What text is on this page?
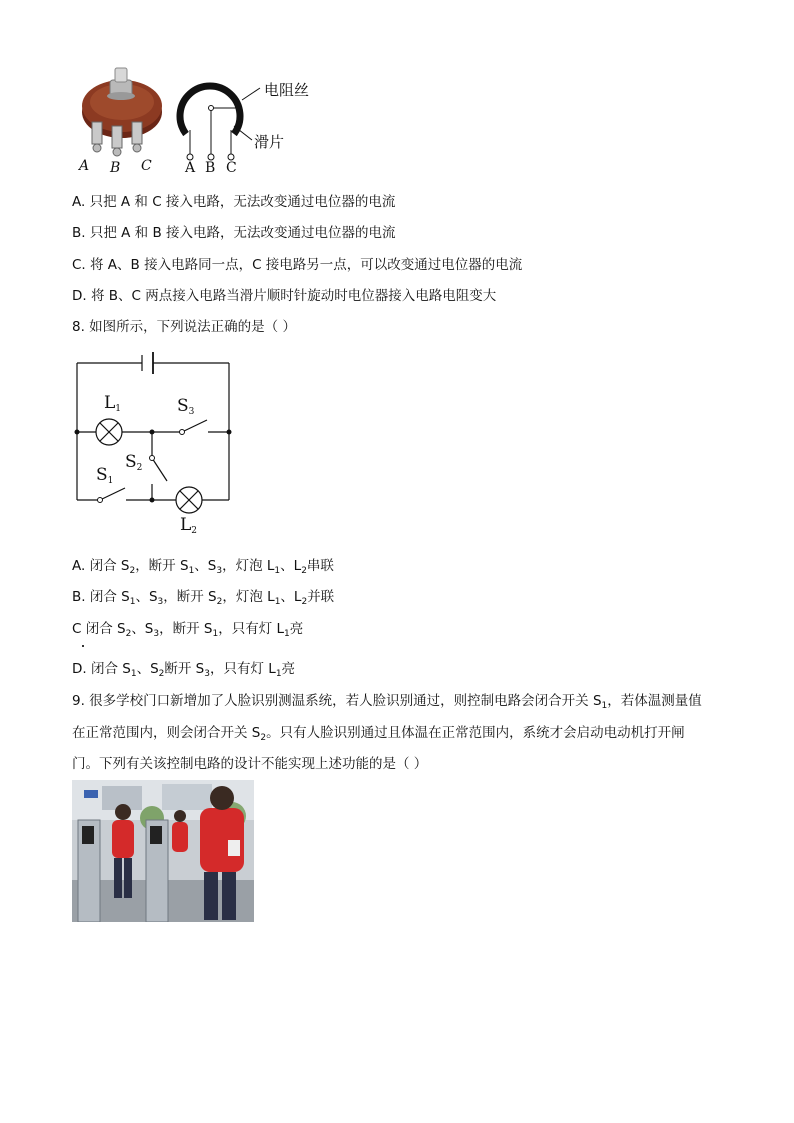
A B C A B C
电阻丝
滑片
A. 只把 A 和 C 接入电路，无法改变通过电位器的电流
B. 只把 A 和 B 接入电路，无法改变通过电位器的电流
C. 将 A、B 接入电路同一点，C 接电路另一点，可以改变通过电位器的电流
D. 将 B、C 两点接入电路当滑片顺时针旋动时电位器接入电路电阻变大
8. 如图所示，下列说法正确的是（ ）
$L_1$	$S_3$
$S_2$
$S_1$
$L_2$
A. 闭合 $S_2$，断开 $S_1$、$S_3$，灯泡 $L_1$、$L_2$串联
B. 闭合 $S_1$、$S_3$，断开 $S_2$，灯泡 $L_1$、$L_2$并联
C 闭合 $S_2$、$S_3$，断开 $S_1$，只有灯 $L_1$亮
D. 闭合 $S_1$、$S_2$断开 $S_3$，只有灯 $L_1$亮
9. 很多学校门口新增加了人脸识别测温系统，若人脸识别通过，则控制电路会闭合开关 $S_1$，若体温测量值
在正常范围内，则会闭合开关 $S_2$。只有人脸识别通过且体温在正常范围内，系统才会启动电动机打开闸
门。下列有关该控制电路的设计不能实现上述功能的是（ ）
